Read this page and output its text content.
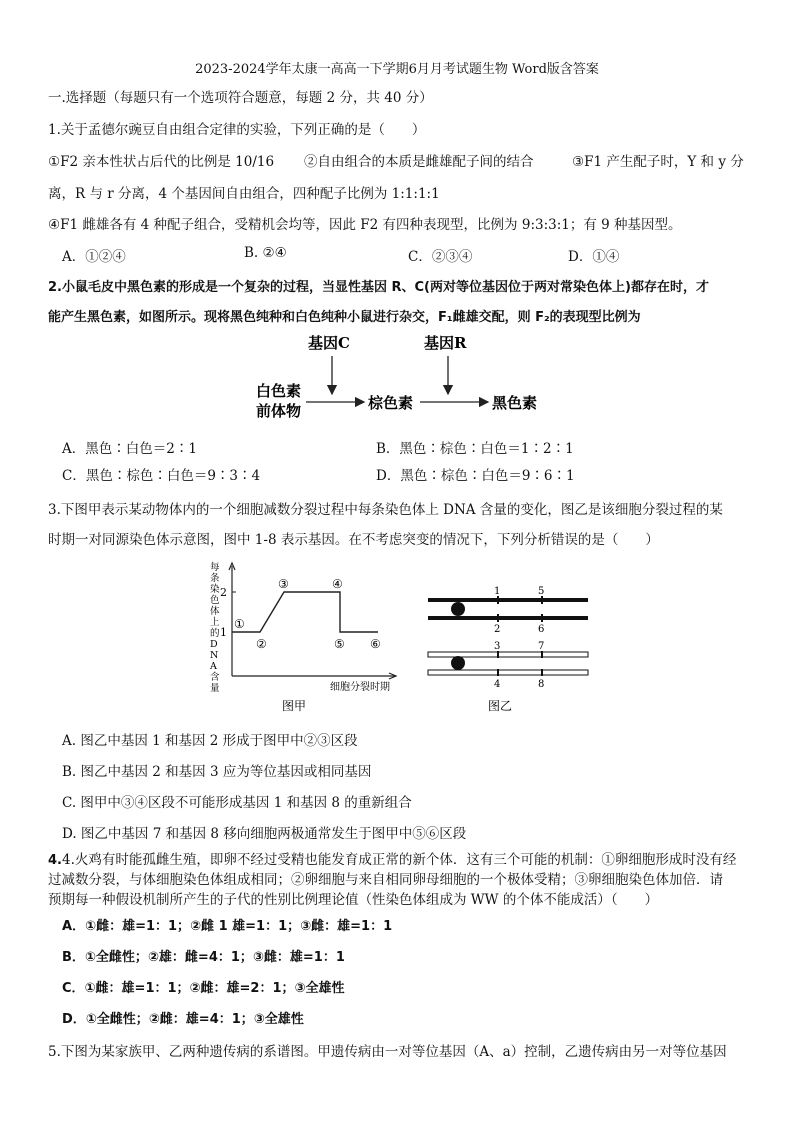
2023-2024学年太康一高高一下学期6月月考试题生物 Word版含答案
一.选择题（每题只有一个选项符合题意，每题 2 分，共 40 分）
1.关于孟德尔豌豆自由组合定律的实验，下列正确的是（　　）
①F2 亲本性状占后代的比例是 10/16 ②自由组合的本质是雌雄配子间的结合	③F1 产生配子时，Y 和 y 分
离，R 与 r 分离，4 个基因间自由组合，四种配子比例为 1:1:1:1
④F1 雌雄各有 4 种配子组合，受精机会均等，因此 F2 有四种表现型，比例为 9:3:3:1；有 9 种基因型。
A．①②④	B. ②④	C．②③④	D．①④
2.小鼠毛皮中黑色素的形成是一个复杂的过程，当显性基因 R、C(两对等位基因位于两对常染色体上)都存在时，才
能产生黑色素，如图所示。现将黑色纯种和白色纯种小鼠进行杂交，F₁雌雄交配，则 F₂的表现型比例为
基因C	基因R
白色素
前体物	棕色素	黑色素
A．黑色∶白色＝2∶1	B．黑色∶棕色∶白色＝1∶2∶1
C．黑色∶棕色∶白色＝9∶3∶4	D．黑色∶棕色∶白色＝9∶6∶1
3.下图甲表示某动物体内的一个细胞减数分裂过程中每条染色体上 DNA 含量的变化，图乙是该细胞分裂过程的某
时期一对同源染色体示意图，图中 1-8 表示基因。在不考虑突变的情况下，下列分析错误的是（　　）
每
条
染
色
体
上
的
D
N
A
含
量
2
1
①
②
③	④
⑤ ⑥
细胞分裂时期
图甲
1	5
2	6
3	7
4	8
图乙
A. 图乙中基因 1 和基因 2 形成于图甲中②③区段
B. 图乙中基因 2 和基因 3 应为等位基因或相同基因
C. 图甲中③④区段不可能形成基因 1 和基因 8 的重新组合
D. 图乙中基因 7 和基因 8 移向细胞两极通常发生于图甲中⑤⑥区段
4.4.火鸡有时能孤雌生殖，即卵不经过受精也能发育成正常的新个体．这有三个可能的机制：①卵细胞形成时没有经
过减数分裂，与体细胞染色体组成相同；②卵细胞与来自相同卵母细胞的一个极体受精；③卵细胞染色体加倍．请
预期每一种假设机制所产生的子代的性别比例理论值（性染色体组成为 WW 的个体不能成活）（　　）
A．①雌：雄=1：1；②雌 1 雄=1：1；③雌：雄=1：1
B．①全雌性；②雄：雌=4：1；③雌：雄=1：1
C．①雌：雄=1：1；②雌：雄=2：1；③全雄性
D．①全雌性；②雌：雄=4：1；③全雄性
5.下图为某家族甲、乙两种遗传病的系谱图。甲遗传病由一对等位基因（A、a）控制，乙遗传病由另一对等位基因
